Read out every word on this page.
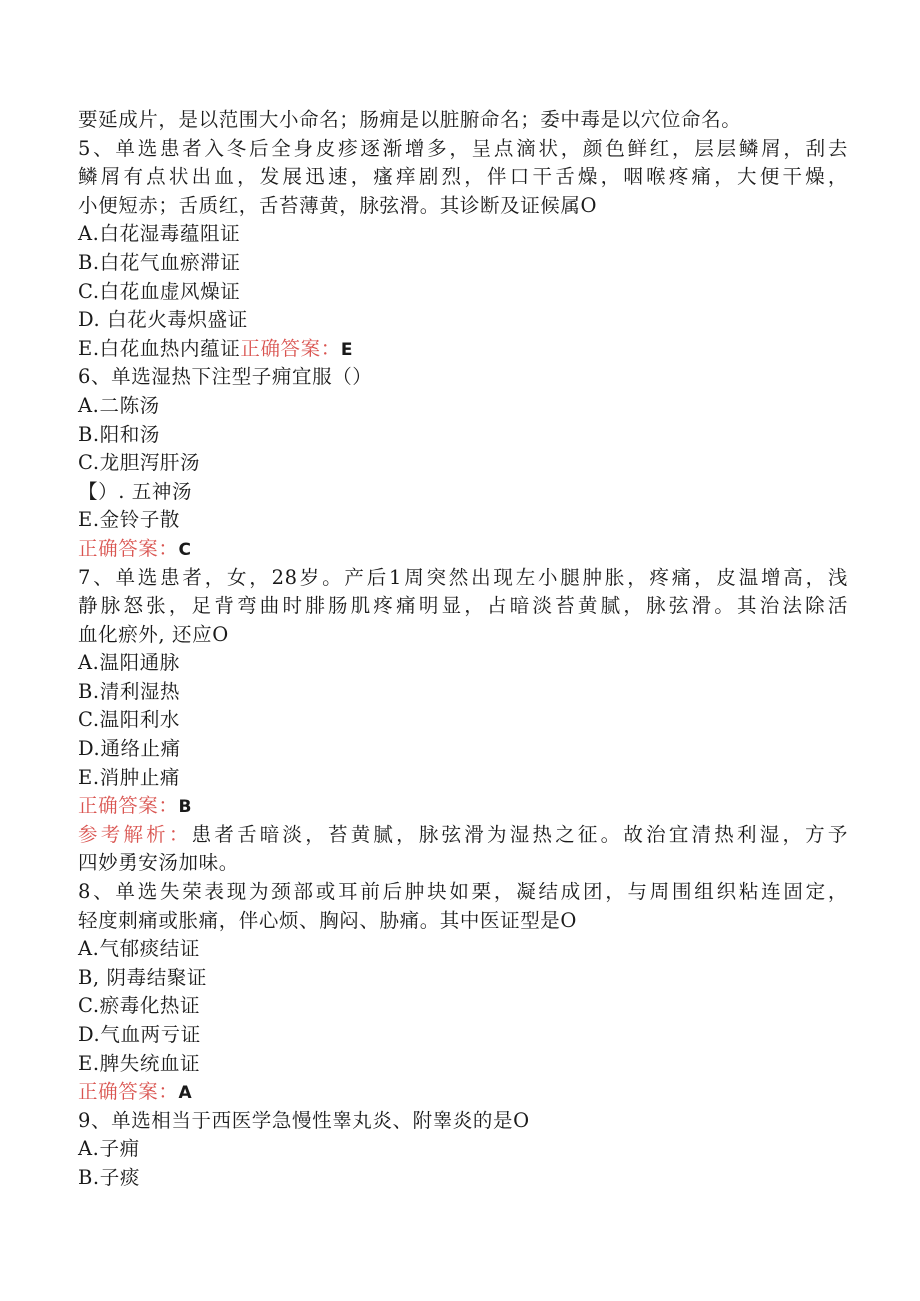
要延成片，是以范围大小命名；肠痈是以脏腑命名；委中毒是以穴位命名。
5、单选患者入冬后全身皮疹逐渐增多，呈点滴状，颜色鲜红，层层鳞屑，刮去
鳞屑有点状出血，发展迅速，瘙痒剧烈，伴口干舌燥，咽喉疼痛，大便干燥，
小便短赤；舌质红，舌苔薄黄，脉弦滑。其诊断及证候属O
A.白花湿毒蕴阻证
B.白花气血瘀滞证
C.白花血虚风燥证
D. 白花火毒炽盛证
E.白花血热内蕴证正确答案：E
6、单选湿热下注型子痈宜服（）
A.二陈汤
B.阳和汤
C.龙胆泻肝汤
【）. 五神汤
E.金铃子散
正确答案：C
7、单选患者，女，28岁。产后1周突然出现左小腿肿胀，疼痛，皮温增高，浅
静脉怒张，足背弯曲时腓肠肌疼痛明显，占暗淡苔黄腻，脉弦滑。其治法除活
血化瘀外, 还应O
A.温阳通脉
B.清利湿热
C.温阳利水
D.通络止痛
E.消肿止痛
正确答案：B
参考解析：患者舌暗淡，苔黄腻，脉弦滑为湿热之征。故治宜清热利湿，方予
四妙勇安汤加味。
8、单选失荣表现为颈部或耳前后肿块如栗，凝结成团，与周围组织粘连固定，
轻度刺痛或胀痛，伴心烦、胸闷、胁痛。其中医证型是O
A.气郁痰结证
B, 阴毒结聚证
C.瘀毒化热证
D.气血两亏证
E.脾失统血证
正确答案：A
9、单选相当于西医学急慢性睾丸炎、附睾炎的是O
A.子痈
B.子痰
